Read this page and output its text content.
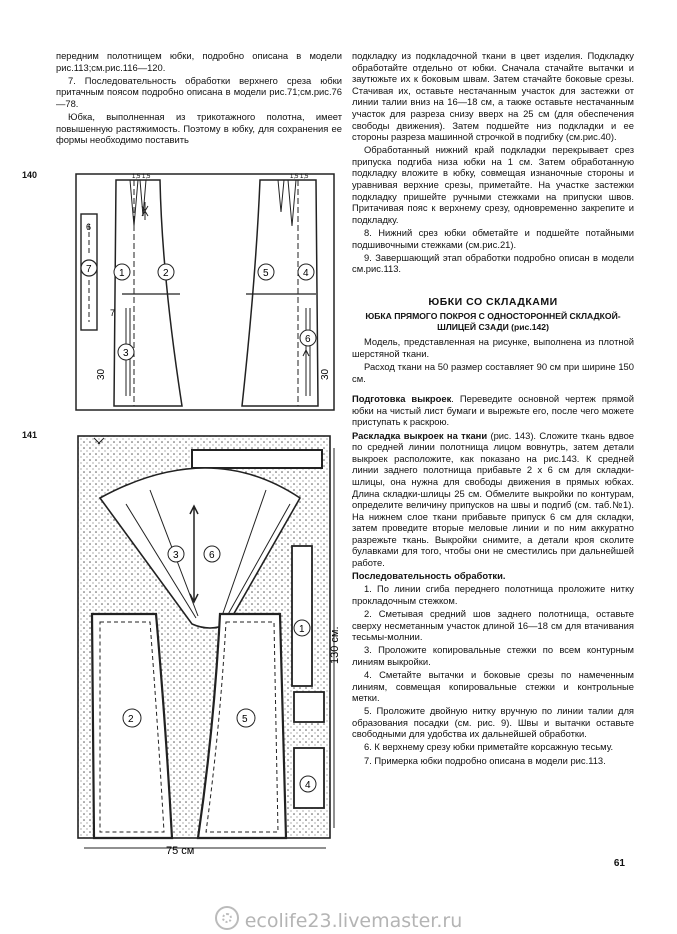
передним полотнищем юбки, подробно описана в модели рис.113;см.рис.116—120.

7. Последовательность обработки верхнего среза юбки притачным поясом подробно описана в модели рис.71;см.рис.76—78.

Юбка, выполненная из трикотажного полотна, имеет повышенную растяжимость. Поэтому в юбку, для сохранения ее формы необходимо поставить

140
6
7
1,5 1,5
1	2
3
7
30
1,5 1,5
5	4
6
30
141
3	6
2	5
1
4
130 см.
75 см

подкладку из подкладочной ткани в цвет изделия. Подкладку обработайте отдельно от юбки. Сначала стачайте вытачки и заутюжьте их к боковым швам. Затем стачайте боковые срезы. Стачивая их, оставьте нестачанным участок для застежки от линии талии вниз на 16—18 см, а также оставьте нестачанным участок для разреза снизу вверх на 25 см (для обеспечения свободы движения). Затем подшейте низ подкладки и ее стороны разреза машинной строчкой в подгибку (см.рис.40).

Обработанный нижний край подкладки перекрывает срез припуска подгиба низа юбки на 1 см. Затем обработанную подкладку вложите в юбку, совмещая изнаночные стороны и уравнивая верхние срезы, приметайте. На участке застежки подкладку пришейте ручными стежками на припуски швов. Притачивая пояс к верхнему срезу, одновременно закрепите и подкладку.

8. Нижний срез юбки обметайте и подшейте потайными подшивочными стежками (см.рис.21).

9. Завершающий этап обработки подробно описан в модели см.рис.113.

ЮБКИ СО СКЛАДКАМИ
ЮБКА ПРЯМОГО ПОКРОЯ С ОДНОСТОРОННЕЙ СКЛАДКОЙ-
ШЛИЦЕЙ СЗАДИ (рис.142)

Модель, представленная на рисунке, выполнена из плотной шерстяной ткани.

Расход ткани на 50 размер составляет 90 см при ширине 150 см.

Подготовка выкроек. Переведите основной чертеж прямой юбки на чистый лист бумаги и вырежьте его, после чего можете приступать к раскрою.

Раскладка выкроек на ткани (рис. 143). Сложите ткань вдвое по средней линии полотнища лицом вовнутрь, затем детали выкроек расположите, как показано на рис.143. К средней линии заднего полотнища прибавьте 2 х 6 см для складки-шлицы, она нужна для свободы движения в прямых юбках. Длина складки-шлицы 25 см. Обмелите выкройки по контурам, определите величину припусков на швы и подгиб (см. таб.№1). На нижнем слое ткани прибавьте припуск 6 см для складки, затем проведите вторые меловые линии и по ним аккуратно разрежьте ткань. Выкройки снимите, а детали кроя сколите булавками для того, чтобы они не сместились при дальнейшей работе.

Последовательность обработки.

1. По линии сгиба переднего полотнища проложите нитку прокладочным стежком.

2. Сметывая средний шов заднего полотнища, оставьте сверху несметанным участок длиной 16—18 см для втачивания тесьмы-молнии.

3. Проложите копировальные стежки по всем контурным линиям выкройки.

4. Сметайте вытачки и боковые срезы по намеченным линиям, совмещая копировальные стежки и контрольные метки.

5. Проложите двойную нитку вручную по линии талии для образования посадки (см. рис. 9). Швы и вытачки оставьте свободными для удобства их дальнейшей обработки.

6. К верхнему срезу юбки приметайте корсажную тесьму.

7. Примерка юбки подробно описана в модели рис.113.

61
ecolife23.livemaster.ru
